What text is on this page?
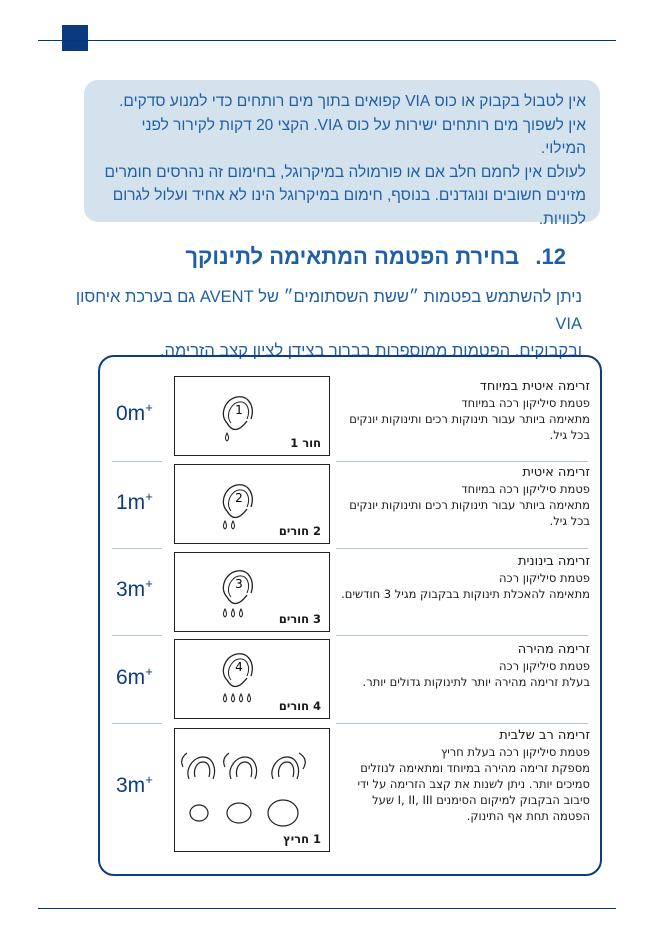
אין לטבול בקבוק או כוס VIA קפואים בתוך מים רותחים כדי למנוע סדקים.
אין לשפוך מים רותחים ישירות על כוס VIA. הקצי 20 דקות לקירור לפני
המילוי.
לעולם אין לחמם חלב אם או פורמולה במיקרוגל, בחימום זה נהרסים חומרים
מזינים חשובים ונוגדנים. בנוסף, חימום במיקרוגל הינו לא אחיד ועלול לגרום
לכוויות.

12. בחירת הפטמה המתאימה לתינוקך

ניתן להשתמש בפטמות ״ששת השסתומים״ של AVENT גם בערכת איחסון VIA
ובקבוקים. הפטמות ממוספרות בברור בצידן לציון קצב הזרימה.

0m+	1
חור 1
זרימה איטית במיוחד
פטמת סיליקון רכה במיוחד
מתאימה ביותר עבור תינוקות רכים ותינוקות יונקים
בכל גיל.
1m+	2
2 חורים
זרימה איטית
פטמת סיליקון רכה במיוחד
מתאימה ביותר עבור תינוקות רכים ותינוקות יונקים
בכל גיל.
3m+	3
3 חורים
זרימה בינונית
פטמת סיליקון רכה
מתאימה להאכלת תינוקות בבקבוק מגיל 3 חודשים.
6m+	4
4 חורים
זרימה מהירה
פטמת סיליקון רכה
בעלת זרימה מהירה יותר לתינוקות גדולים יותר.
3m+
1 חריץ
זרימה רב שלבית
פטמת סיליקון רכה בעלת חריץ
מספקת זרימה מהירה במיוחד ומתאימה לנוזלים
סמיכים יותר. ניתן לשנות את קצב הזרימה על ידי
סיבוב הבקבוק למיקום הסימנים I, II, III שעל
הפטמה תחת אף התינוק.
